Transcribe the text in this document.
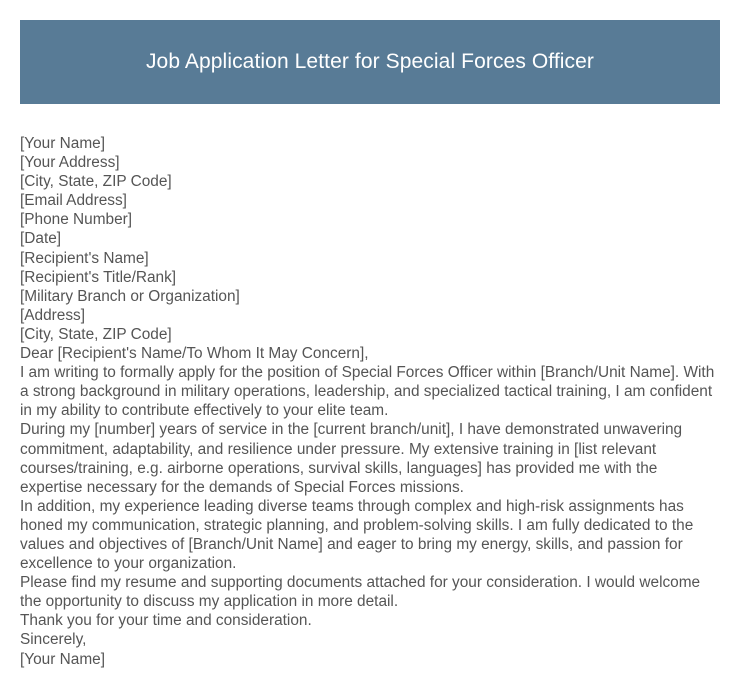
Job Application Letter for Special Forces Officer

[Your Name]

[Your Address]

[City, State, ZIP Code]

[Email Address]

[Phone Number]

[Date]

[Recipient's Name]

[Recipient's Title/Rank]

[Military Branch or Organization]

[Address]

[City, State, ZIP Code]

Dear [Recipient's Name/To Whom It May Concern],

I am writing to formally apply for the position of Special Forces Officer within [Branch/Unit Name]. With a strong background in military operations, leadership, and specialized tactical training, I am confident in my ability to contribute effectively to your elite team.

During my [number] years of service in the [current branch/unit], I have demonstrated unwavering commitment, adaptability, and resilience under pressure. My extensive training in [list relevant courses/training, e.g. airborne operations, survival skills, languages] has provided me with the expertise necessary for the demands of Special Forces missions.

In addition, my experience leading diverse teams through complex and high-risk assignments has honed my communication, strategic planning, and problem-solving skills. I am fully dedicated to the values and objectives of [Branch/Unit Name] and eager to bring my energy, skills, and passion for excellence to your organization.

Please find my resume and supporting documents attached for your consideration. I would welcome the opportunity to discuss my application in more detail.

Thank you for your time and consideration.

Sincerely,

[Your Name]
